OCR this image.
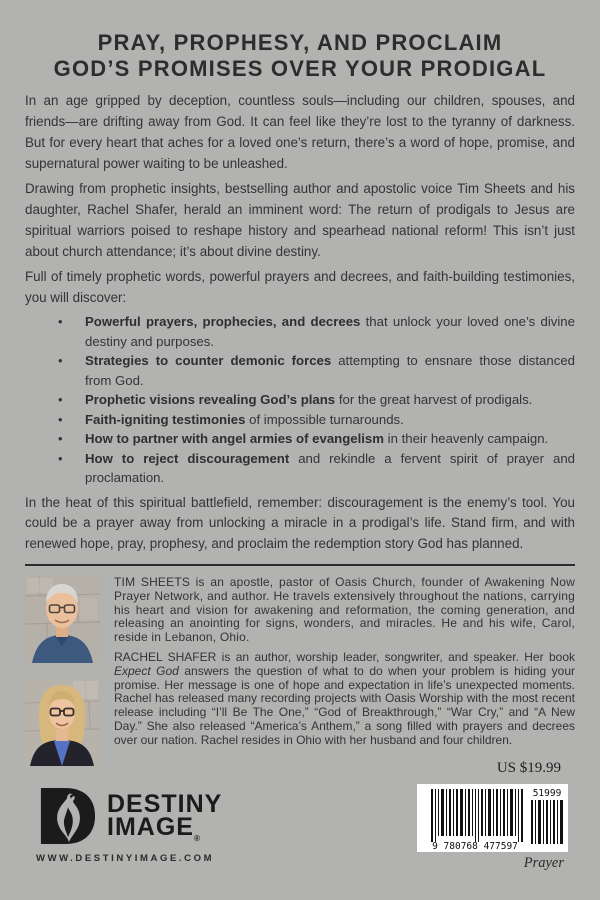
PRAY, PROPHESY, AND PROCLAIM
GOD’S PROMISES OVER YOUR PRODIGAL

In an age gripped by deception, countless souls—including our children, spouses, and friends—are drifting away from God. It can feel like they’re lost to the tyranny of darkness. But for every heart that aches for a loved one’s return, there’s a word of hope, promise, and supernatural power waiting to be unleashed.

Drawing from prophetic insights, bestselling author and apostolic voice Tim Sheets and his daughter, Rachel Shafer, herald an imminent word: The return of prodigals to Jesus are spiritual warriors poised to reshape history and spearhead national reform! This isn’t just about church attendance; it’s about divine destiny.

Full of timely prophetic words, powerful prayers and decrees, and faith-building testimonies, you will discover:

• Powerful prayers, prophecies, and decrees that unlock your loved one’s divine destiny and purposes.
• Strategies to counter demonic forces attempting to ensnare those distanced from God.
• Prophetic visions revealing God’s plans for the great harvest of prodigals.
• Faith-igniting testimonies of impossible turnarounds.
• How to partner with angel armies of evangelism in their heavenly campaign.
• How to reject discouragement and rekindle a fervent spirit of prayer and proclamation.

In the heat of this spiritual battlefield, remember: discouragement is the enemy’s tool. You could be a prayer away from unlocking a miracle in a prodigal’s life. Stand firm, and with renewed hope, pray, prophesy, and proclaim the redemption story God has planned.

TIM SHEETS is an apostle, pastor of Oasis Church, founder of Awakening Now Prayer Network, and author. He travels extensively throughout the nations, carrying his heart and vision for awakening and reformation, the coming generation, and releasing an anointing for signs, wonders, and miracles. He and his wife, Carol, reside in Lebanon, Ohio.

RACHEL SHAFER is an author, worship leader, songwriter, and speaker. Her book Expect God answers the question of what to do when your problem is hiding your promise. Her message is one of hope and expectation in life’s unexpected moments. Rachel has released many recording projects with Oasis Worship with the most recent release including “I’ll Be The One,” “God of Breakthrough,” “War Cry,” and “A New Day.” She also released “America’s Anthem,” a song filled with prayers and decrees over our nation. Rachel resides in Ohio with her husband and four children.

US $19.99
9 780768 477597
51999
Prayer
DESTINY
$IMAGE_®$
WWW.DESTINYIMAGE.COM
